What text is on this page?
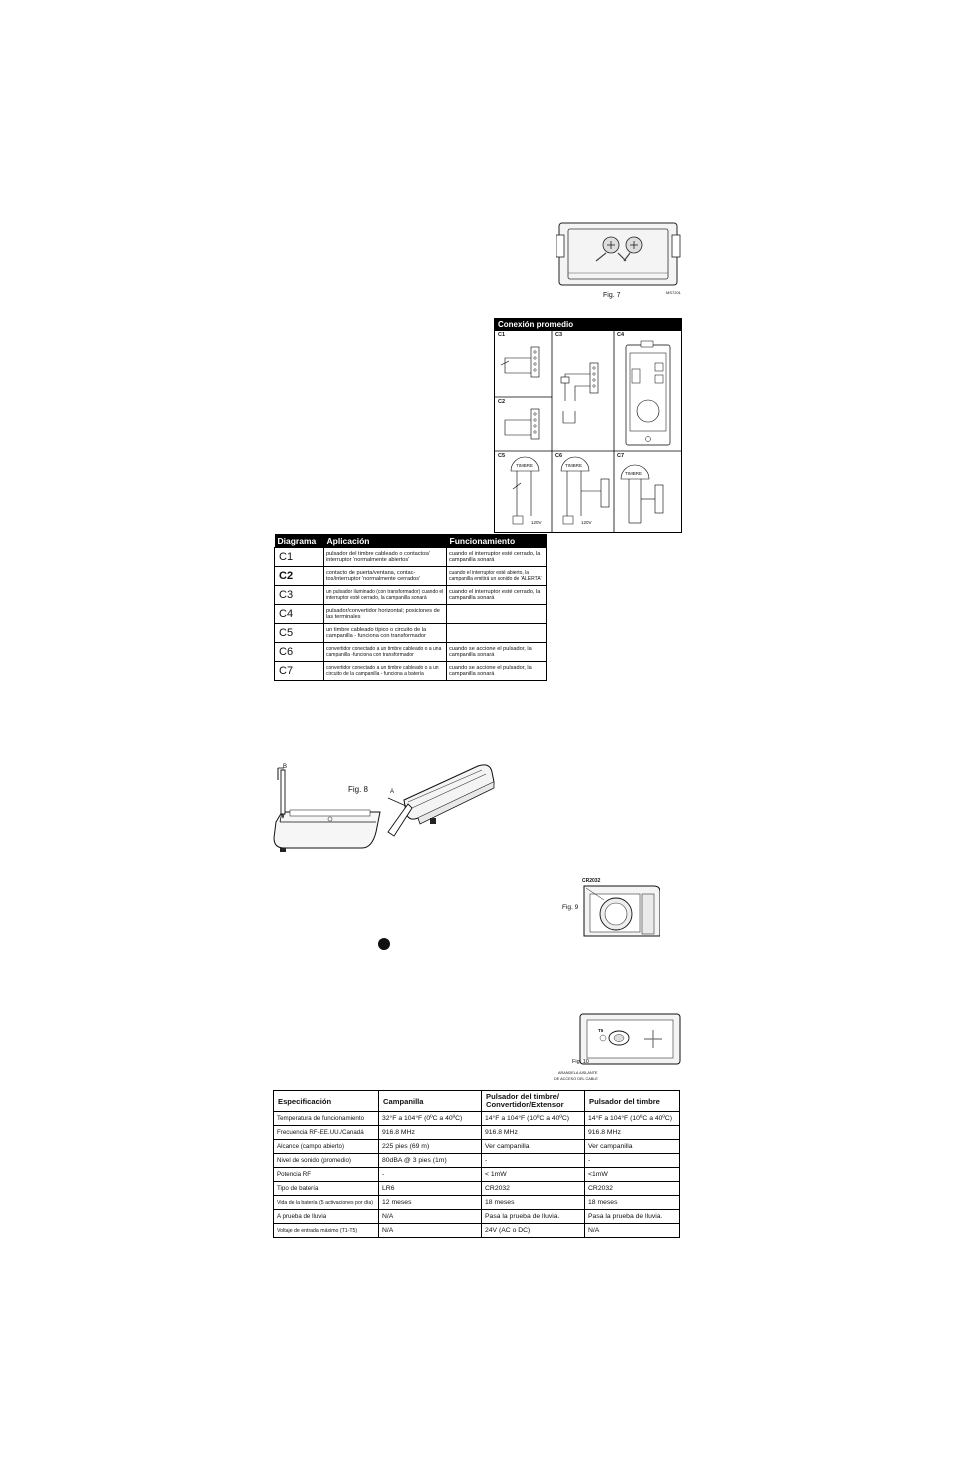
Fig. 7	MS7201
Conexión promedio
C1
C2
C3	C4
C5	C6	C7
TIMBRE	TIMBRE
TIMBRE
120V	120V
Diagrama	Aplicación	Funcionamiento
C1	pulsador del timbre cableado o contactos/ interruptor 'normalmente abiertos'	cuando el interruptor esté cerrado, la campanilla sonará
C2	contacto de puerta/ventana, contac- tos/interruptor 'normalmente cerrados'	cuando el interruptor esté abierto, la campanilla emitirá un sonido de 'ALERTA'
C3	un pulsador iluminado (con transformador) cuando el interruptor esté cerrado, la campanilla sonará	cuando el interruptor esté cerrado, la campanilla sonará
C4	pulsador/convertidor horizontal; posiciones de las terminales	
C5	un timbre cableado típico o circuito de la campanilla - funciona con transformador	
C6	convertidor conectado a un timbre cableado o a una campanilla -funciona con transformador	cuando se accione el pulsador, la campanilla sonará
C7	convertidor conectado a un timbre cableado o a un circuito de la campanilla - funciona a batería	cuando se accione el pulsador, la campanilla sonará
Fig. 8	A
B
CR2032
Fig. 9
T5
Fig. 10
ARANDELA AISLANTE
DE ACCESO DEL CABLE
Especificación	Campanilla	Pulsador del timbre/ Convertidor/Extensor	Pulsador del timbre
Temperatura de funcionamiento	32°F a 104°F (0ºC a 40ºC)	14°F a 104°F (10ºC a 40ºC)	14°F a 104°F (10ºC a 40ºC)
Frecuencia RF-EE.UU./Canadá	916.8 MHz	916.8 MHz	916.8 MHz
Alcance (campo abierto)	225 pies (69 m)	Ver campanilla	Ver campanilla
Nivel de sonido (promedio)	80dBA @ 3 pies (1m)	-	-
Potencia RF	-	< 1mW	<1mW
Tipo de batería	LR6	CR2032	CR2032
Vida de la batería (5 activaciones por día)	12 meses	18 meses	18 meses
A prueba de lluvia	N/A	Pasa la prueba de lluvia.	Pasa la prueba de lluvia.
Voltaje de entrada máximo (T1-T5)	N/A	24V (AC o DC)	N/A
